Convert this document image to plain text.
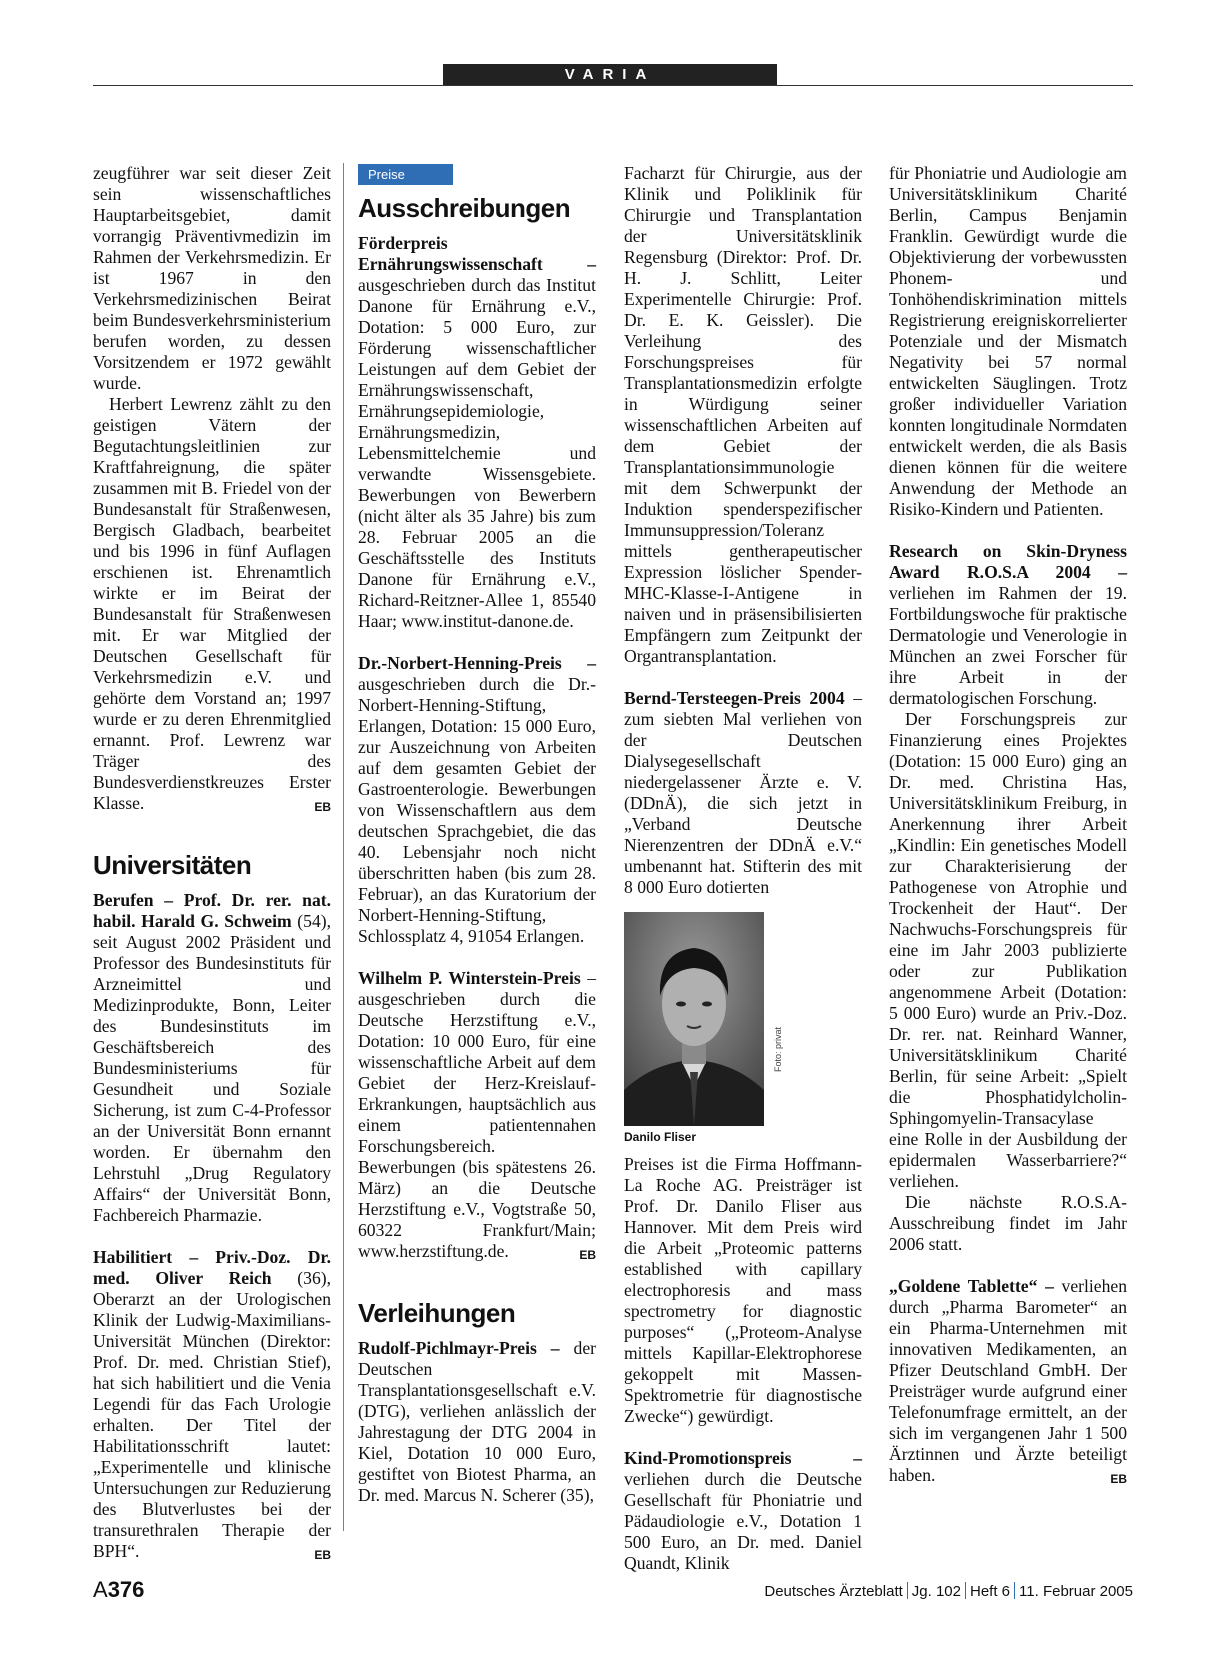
VARIA

zeugführer war seit dieser Zeit sein wissenschaftliches Hauptarbeitsgebiet, damit vorrangig Präventivmedizin im Rahmen der Verkehrsmedizin. Er ist 1967 in den Verkehrsmedizinischen Beirat beim Bundesverkehrsministerium berufen worden, zu dessen Vorsitzendem er 1972 gewählt wurde.

Herbert Lewrenz zählt zu den geistigen Vätern der Begutachtungsleitlinien zur Kraftfahreignung, die später zusammen mit B. Friedel von der Bundesanstalt für Straßenwesen, Bergisch Gladbach, bearbeitet und bis 1996 in fünf Auflagen erschienen ist. Ehrenamtlich wirkte er im Beirat der Bundesanstalt für Straßenwesen mit. Er war Mitglied der Deutschen Gesellschaft für Verkehrsmedizin e.V. und gehörte dem Vorstand an; 1997 wurde er zu deren Ehrenmitglied ernannt. Prof. Lewrenz war Träger des Bundesverdienstkreuzes Erster Klasse.	EB

Universitäten

Berufen – Prof. Dr. rer. nat. habil. Harald G. Schweim (54), seit August 2002 Präsident und Professor des Bundesinstituts für Arzneimittel und Medizinprodukte, Bonn, Leiter des Bundesinstituts im Geschäftsbereich des Bundesministeriums für Gesundheit und Soziale Sicherung, ist zum C-4-Professor an der Universität Bonn ernannt worden. Er übernahm den Lehrstuhl „Drug Regulatory Affairs“ der Universität Bonn, Fachbereich Pharmazie.

Habilitiert – Priv.-Doz. Dr. med. Oliver Reich (36), Oberarzt an der Urologischen Klinik der Ludwig-Maximilians-Universität München (Direktor: Prof. Dr. med. Christian Stief), hat sich habilitiert und die Venia Legendi für das Fach Urologie erhalten. Der Titel der Habilitationsschrift lautet: „Experimentelle und klinische Untersuchungen zur Reduzierung des Blutverlustes bei der transurethralen Therapie der BPH“.	EB

Preise
Ausschreibungen

Förderpreis Ernährungswissenschaft – ausgeschrieben durch das Institut Danone für Ernährung e.V., Dotation: 5 000 Euro, zur Förderung wissenschaftlicher Leistungen auf dem Gebiet der Ernährungswissenschaft, Ernährungsepidemiologie, Ernährungsmedizin, Lebensmittelchemie und verwandte Wissensgebiete. Bewerbungen von Bewerbern (nicht älter als 35 Jahre) bis zum 28. Februar 2005 an die Geschäftsstelle des Instituts Danone für Ernährung e.V., Richard-Reitzner-Allee 1, 85540 Haar; www.institut-danone.de.

Dr.-Norbert-Henning-Preis – ausgeschrieben durch die Dr.-Norbert-Henning-Stiftung, Erlangen, Dotation: 15 000 Euro, zur Auszeichnung von Arbeiten auf dem gesamten Gebiet der Gastroenterologie. Bewerbungen von Wissenschaftlern aus dem deutschen Sprachgebiet, die das 40. Lebensjahr noch nicht überschritten haben (bis zum 28. Februar), an das Kuratorium der Norbert-Henning-Stiftung, Schlossplatz 4, 91054 Erlangen.

Wilhelm P. Winterstein-Preis – ausgeschrieben durch die Deutsche Herzstiftung e.V., Dotation: 10 000 Euro, für eine wissenschaftliche Arbeit auf dem Gebiet der Herz-Kreislauf-Erkrankungen, hauptsächlich aus einem patientennahen Forschungsbereich. Bewerbungen (bis spätestens 26. März) an die Deutsche Herzstiftung e.V., Vogtstraße 50, 60322 Frankfurt/Main; www.herzstiftung.de.	EB

Verleihungen

Rudolf-Pichlmayr-Preis – der Deutschen Transplantationsgesellschaft e.V. (DTG), verliehen anlässlich der Jahrestagung der DTG 2004 in Kiel, Dotation 10 000 Euro, gestiftet von Biotest Pharma, an Dr. med. Marcus N. Scherer (35),

Facharzt für Chirurgie, aus der Klinik und Poliklinik für Chirurgie und Transplantation der Universitätsklinik Regensburg (Direktor: Prof. Dr. H. J. Schlitt, Leiter Experimentelle Chirurgie: Prof. Dr. E. K. Geissler). Die Verleihung des Forschungspreises für Transplantationsmedizin erfolgte in Würdigung seiner wissenschaftlichen Arbeiten auf dem Gebiet der Transplantationsimmunologie mit dem Schwerpunkt der Induktion spenderspezifischer Immunsuppression/Toleranz mittels gentherapeutischer Expression löslicher Spender-MHC-Klasse-I-Antigene in naiven und in präsensibilisierten Empfängern zum Zeitpunkt der Organtransplantation.

Bernd-Tersteegen-Preis 2004 – zum siebten Mal verliehen von der Deutschen Dialysegesellschaft niedergelassener Ärzte e. V. (DDnÄ), die sich jetzt in „Verband Deutsche Nierenzentren der DDnÄ e.V.“ umbenannt hat. Stifterin des mit 8 000 Euro dotierten

Foto: privat
Danilo Fliser

Preises ist die Firma Hoffmann-La Roche AG. Preisträger ist Prof. Dr. Danilo Fliser aus Hannover. Mit dem Preis wird die Arbeit „Proteomic patterns established with capillary electrophoresis and mass spectrometry for diagnostic purposes“ („Proteom-Analyse mittels Kapillar-Elektrophorese gekoppelt mit Massen-Spektrometrie für diagnostische Zwecke“) gewürdigt.

Kind-Promotionspreis – verliehen durch die Deutsche Gesellschaft für Phoniatrie und Pädaudiologie e.V., Dotation 1 500 Euro, an Dr. med. Daniel Quandt, Klinik

für Phoniatrie und Audiologie am Universitätsklinikum Charité Berlin, Campus Benjamin Franklin. Gewürdigt wurde die Objektivierung der vorbewussten Phonem- und Tonhöhendiskrimination mittels Registrierung ereigniskorrelierter Potenziale und der Mismatch Negativity bei 57 normal entwickelten Säuglingen. Trotz großer individueller Variation konnten longitudinale Normdaten entwickelt werden, die als Basis dienen können für die weitere Anwendung der Methode an Risiko-Kindern und Patienten.

Research on Skin-Dryness Award R.O.S.A 2004 – verliehen im Rahmen der 19. Fortbildungswoche für praktische Dermatologie und Venerologie in München an zwei Forscher für ihre Arbeit in der dermatologischen Forschung.

Der Forschungspreis zur Finanzierung eines Projektes (Dotation: 15 000 Euro) ging an Dr. med. Christina Has, Universitätsklinikum Freiburg, in Anerkennung ihrer Arbeit „Kindlin: Ein genetisches Modell zur Charakterisierung der Pathogenese von Atrophie und Trockenheit der Haut“. Der Nachwuchs-Forschungspreis für eine im Jahr 2003 publizierte oder zur Publikation angenommene Arbeit (Dotation: 5 000 Euro) wurde an Priv.-Doz. Dr. rer. nat. Reinhard Wanner, Universitätsklinikum Charité Berlin, für seine Arbeit: „Spielt die Phosphatidylcholin-Sphingomyelin-Transacylase eine Rolle in der Ausbildung der epidermalen Wasserbarriere?“ verliehen.

Die nächste R.O.S.A-Ausschreibung findet im Jahr 2006 statt.

„Goldene Tablette“ – verliehen durch „Pharma Barometer“ an ein Pharma-Unternehmen mit innovativen Medikamenten, an Pfizer Deutschland GmbH. Der Preisträger wurde aufgrund einer Telefonumfrage ermittelt, an der sich im vergangenen Jahr 1 500 Ärztinnen und Ärzte beteiligt haben.	EB

A376	Deutsches Ärzteblatt Jg. 102 Heft 6 11. Februar 2005
